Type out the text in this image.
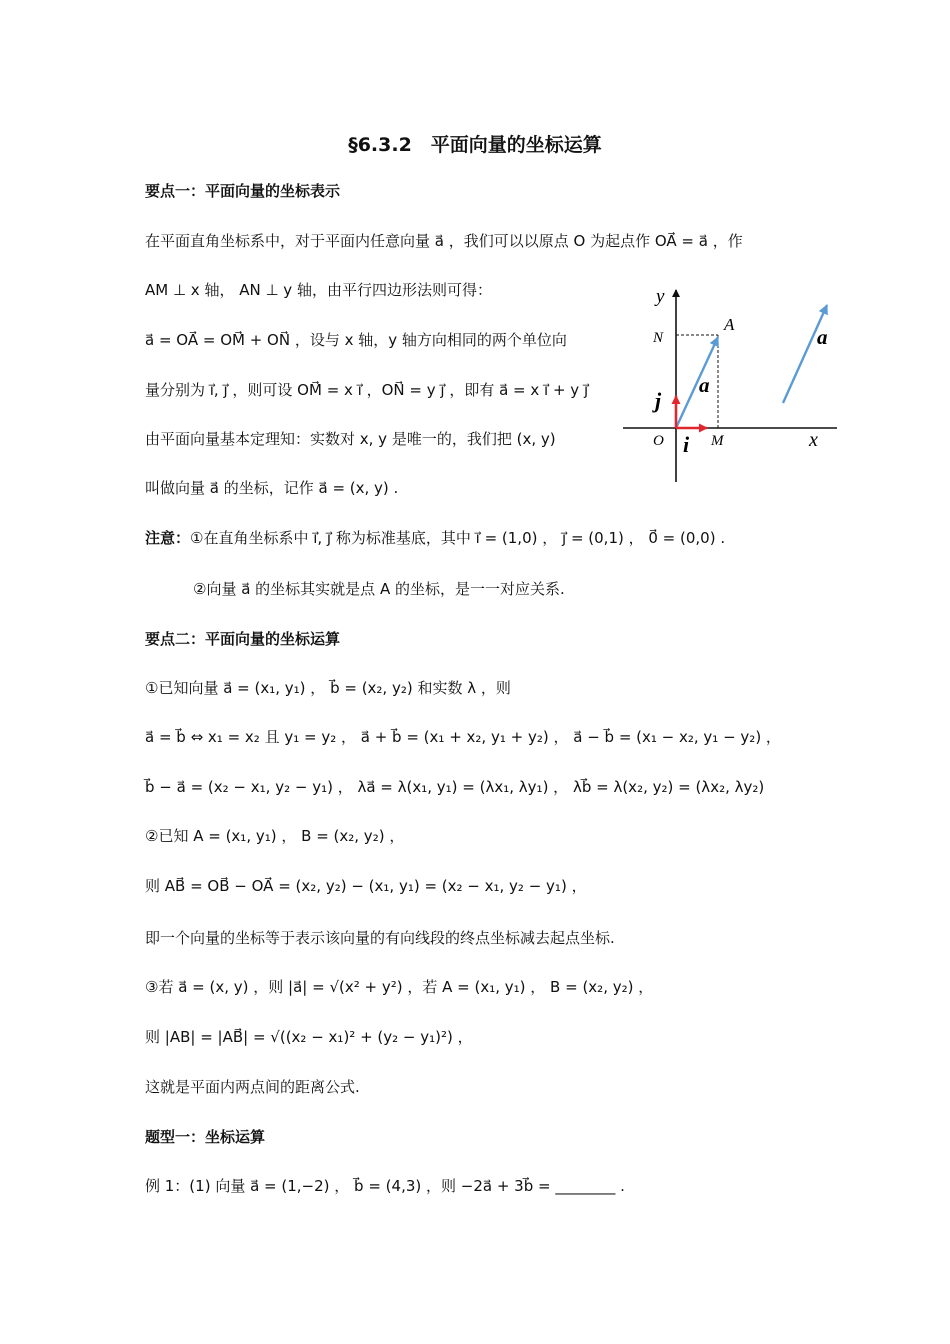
§6.3.2　平面向量的坐标运算
要点一：平面向量的坐标表示
在平面直角坐标系中，对于平面内任意向量 a⃗ ，我们可以以原点 O 为起点作 OA⃗ = a⃗ ，作
AM ⊥ x 轴， AN ⊥ y 轴，由平行四边形法则可得：
a⃗ = OA⃗ = OM⃗ + ON⃗ ，设与 x 轴，y 轴方向相同的两个单位向
量分别为 i⃗, j⃗ ，则可设 OM⃗ = x i⃗ ，ON⃗ = y j⃗ ，即有 a⃗ = x i⃗ + y j⃗
由平面向量基本定理知：实数对 x, y 是唯一的，我们把 (x, y)
叫做向量 a⃗ 的坐标，记作 a⃗ = (x, y) .
注意：①在直角坐标系中 i⃗, j⃗ 称为标准基底，其中 i⃗ = (1,0) ， j⃗ = (0,1) ， 0⃗ = (0,0) .
②向量 a⃗ 的坐标其实就是点 A 的坐标，是一一对应关系.
要点二：平面向量的坐标运算
①已知向量 a⃗ = (x₁, y₁) ， b⃗ = (x₂, y₂) 和实数 λ ，则
a⃗ = b⃗ ⇔ x₁ = x₂ 且 y₁ = y₂ ， a⃗ + b⃗ = (x₁ + x₂, y₁ + y₂) ， a⃗ − b⃗ = (x₁ − x₂, y₁ − y₂) ，
b⃗ − a⃗ = (x₂ − x₁, y₂ − y₁) ， λa⃗ = λ(x₁, y₁) = (λx₁, λy₁) ， λb⃗ = λ(x₂, y₂) = (λx₂, λy₂)
②已知 A = (x₁, y₁) ， B = (x₂, y₂) ，
则 AB⃗ = OB⃗ − OA⃗ = (x₂, y₂) − (x₁, y₁) = (x₂ − x₁, y₂ − y₁) ，
即一个向量的坐标等于表示该向量的有向线段的终点坐标减去起点坐标.
③若 a⃗ = (x, y) ，则 |a⃗| = √(x² + y²) ，若 A = (x₁, y₁) ， B = (x₂, y₂) ，
则 |AB| = |AB⃗| = √((x₂ − x₁)² + (y₂ − y₁)²) ，
这就是平面内两点间的距离公式.
题型一：坐标运算
例 1：(1) 向量 a⃗ = (1,−2) ， b⃗ = (4,3) ，则 −2a⃗ + 3b⃗ = ________ .
y
x
N
A
O	M
i
j
a
a
